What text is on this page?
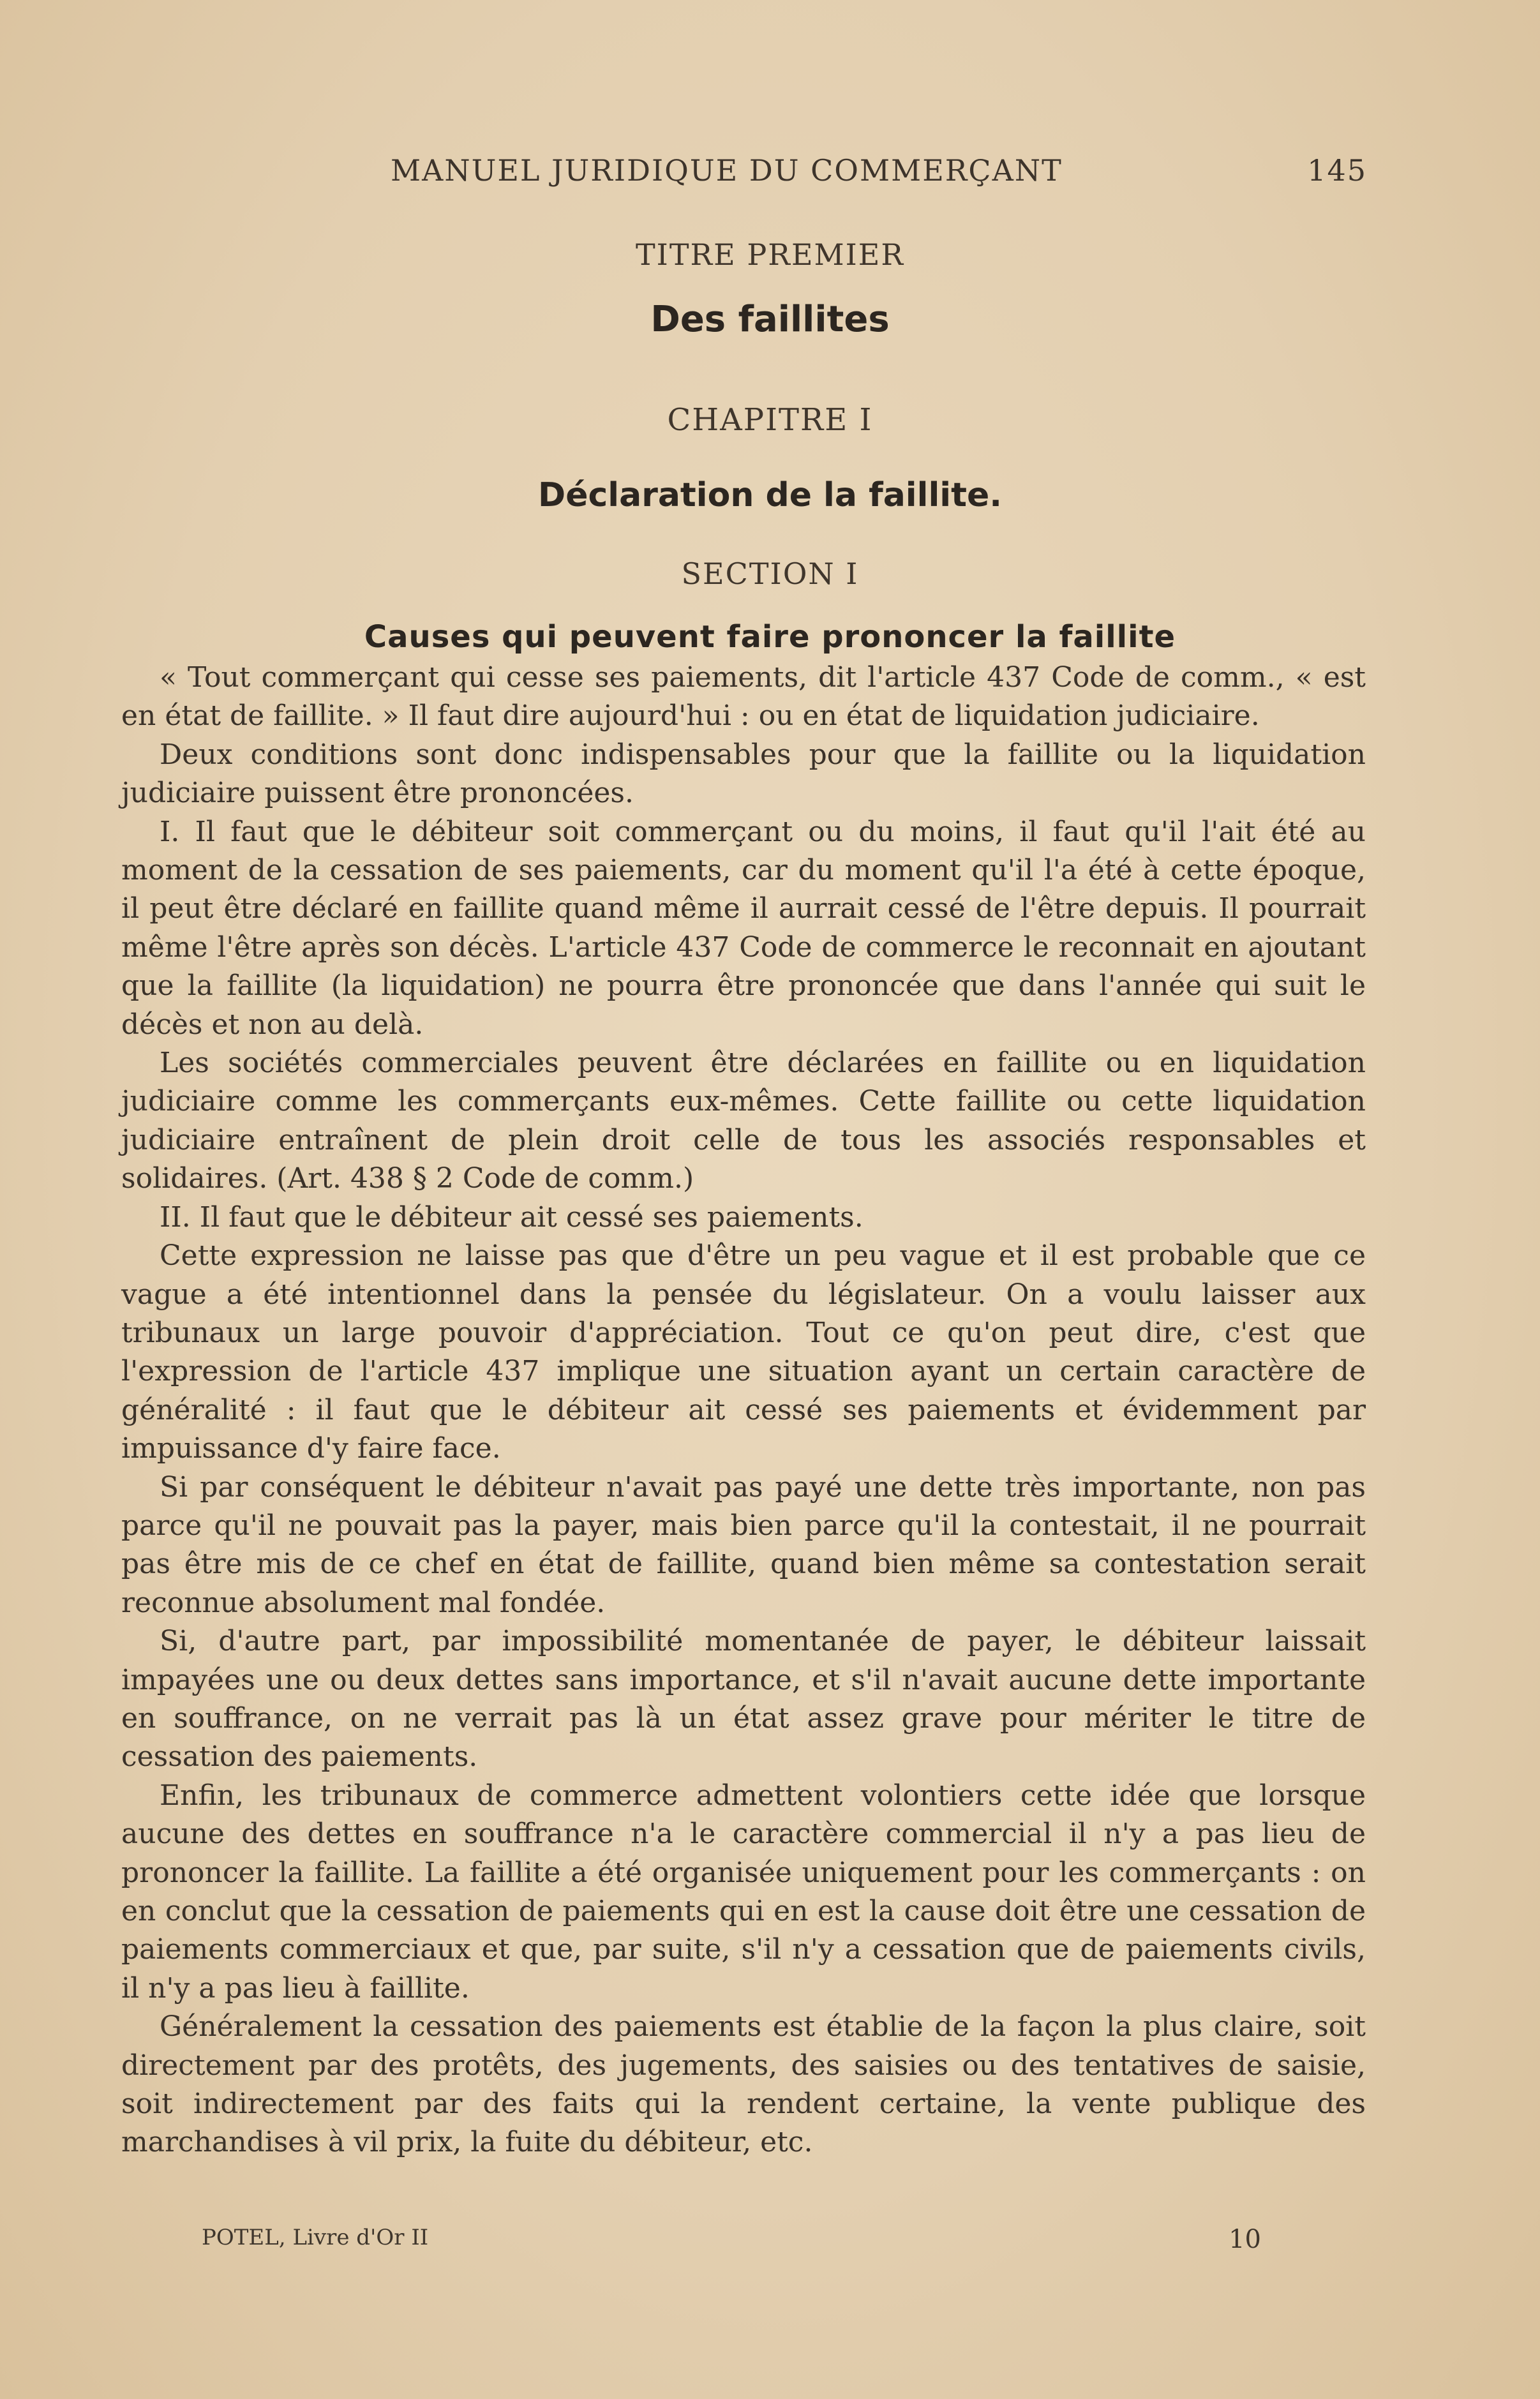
MANUEL JURIDIQUE DU COMMERÇANT	145
TITRE PREMIER
Des faillites
CHAPITRE I
Déclaration de la faillite.
SECTION I
Causes qui peuvent faire prononcer la faillite

« Tout commerçant qui cesse ses paiements, dit l'article 437 Code de comm., « est en état de faillite. » Il faut dire aujourd'hui : ou en état de liquidation judiciaire.

Deux conditions sont donc indispensables pour que la faillite ou la liquidation judiciaire puissent être prononcées.

I. Il faut que le débiteur soit commerçant ou du moins, il faut qu'il l'ait été au moment de la cessation de ses paiements, car du moment qu'il l'a été à cette époque, il peut être déclaré en faillite quand même il aurrait cessé de l'être depuis. Il pourrait même l'être après son décès. L'article 437 Code de commerce le reconnait en ajoutant que la faillite (la liquidation) ne pourra être prononcée que dans l'année qui suit le décès et non au delà.

Les sociétés commerciales peuvent être déclarées en faillite ou en liquidation judiciaire comme les commerçants eux-mêmes. Cette faillite ou cette liquidation judiciaire entraînent de plein droit celle de tous les associés responsables et solidaires. (Art. 438 § 2 Code de comm.)

II. Il faut que le débiteur ait cessé ses paiements.

Cette expression ne laisse pas que d'être un peu vague et il est probable que ce vague a été intentionnel dans la pensée du législateur. On a voulu laisser aux tribunaux un large pouvoir d'appréciation. Tout ce qu'on peut dire, c'est que l'expression de l'article 437 implique une situation ayant un certain caractère de généralité : il faut que le débiteur ait cessé ses paiements et évidemment par impuissance d'y faire face.

Si par conséquent le débiteur n'avait pas payé une dette très importante, non pas parce qu'il ne pouvait pas la payer, mais bien parce qu'il la contestait, il ne pourrait pas être mis de ce chef en état de faillite, quand bien même sa contestation serait reconnue absolument mal fondée.

Si, d'autre part, par impossibilité momentanée de payer, le débiteur laissait impayées une ou deux dettes sans importance, et s'il n'avait aucune dette importante en souffrance, on ne verrait pas là un état assez grave pour mériter le titre de cessation des paiements.

Enfin, les tribunaux de commerce admettent volontiers cette idée que lorsque aucune des dettes en souffrance n'a le caractère commercial il n'y a pas lieu de prononcer la faillite. La faillite a été organisée uniquement pour les commerçants : on en conclut que la cessation de paiements qui en est la cause doit être une cessation de paiements commerciaux et que, par suite, s'il n'y a cessation que de paiements civils, il n'y a pas lieu à faillite.

Généralement la cessation des paiements est établie de la façon la plus claire, soit directement par des protêts, des jugements, des saisies ou des tentatives de saisie, soit indirectement par des faits qui la rendent certaine, la vente publique des marchandises à vil prix, la fuite du débiteur, etc.

POTEL, Livre d'Or II	10
